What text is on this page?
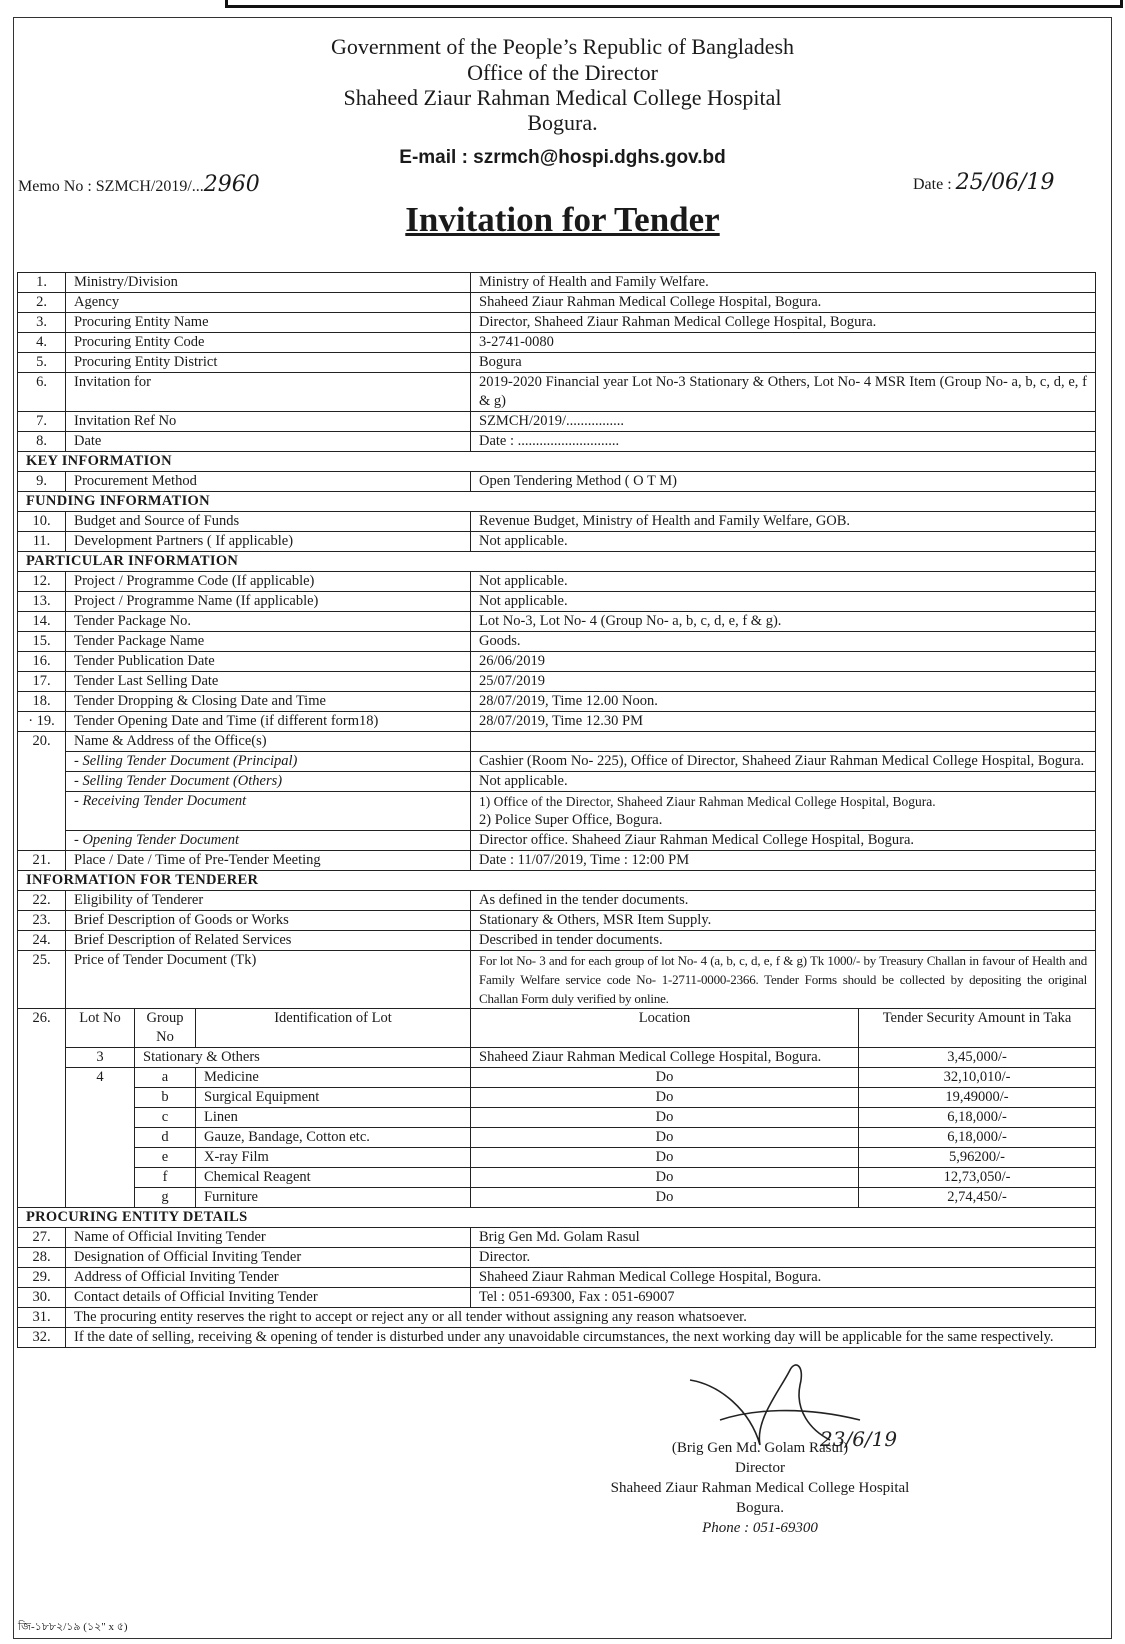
Government of the People’s Republic of Bangladesh
Office of the Director
Shaheed Ziaur Rahman Medical College Hospital
Bogura.
E-mail : szrmch@hospi.dghs.gov.bd
Memo No : SZMCH/2019/...2960	Date : 25/06/19
Invitation for Tender
1.	Ministry/Division			Ministry of Health and Family Welfare.	
2.	Agency			Shaheed Ziaur Rahman Medical College Hospital, Bogura.	
3.	Procuring Entity Name			Director, Shaheed Ziaur Rahman Medical College Hospital, Bogura.	
4.	Procuring Entity Code			3-2741-0080	
5.	Procuring Entity District			Bogura	
6.	Invitation for			2019-2020 Financial year Lot No-3 Stationary & Others, Lot No- 4 MSR Item (Group No- a, b, c, d, e, f & g)	
7.	Invitation Ref No			SZMCH/2019/................	
8.	Date			Date : ............................	
KEY INFORMATION					
9.	Procurement Method			Open Tendering Method ( O T M)	
FUNDING INFORMATION					
10.	Budget and Source of Funds			Revenue Budget, Ministry of Health and Family Welfare, GOB.	
11.	Development Partners ( If applicable)			Not applicable.	
PARTICULAR INFORMATION					
12.	Project / Programme Code (If applicable)			Not applicable.	
13.	Project / Programme Name (If applicable)			Not applicable.	
14.	Tender Package No.			Lot No-3, Lot No- 4 (Group No- a, b, c, d, e, f & g).	
15.	Tender Package Name			Goods.	
16.	Tender Publication Date			26/06/2019	
17.	Tender Last Selling Date			25/07/2019	
18.	Tender Dropping & Closing Date and Time			28/07/2019, Time 12.00 Noon.	
· 19.	Tender Opening Date and Time (if different form18)			28/07/2019, Time 12.30 PM	
20.	Name & Address of the Office(s)				
	- Selling Tender Document (Principal)			Cashier (Room No- 225), Office of Director, Shaheed Ziaur Rahman Medical College Hospital, Bogura.	
	- Selling Tender Document (Others)			Not applicable.	
	- Receiving Tender Document			1) Office of the Director, Shaheed Ziaur Rahman Medical College Hospital, Bogura.	
				2) Police Super Office, Bogura.	
	- Opening Tender Document			Director office. Shaheed Ziaur Rahman Medical College Hospital, Bogura.	
21.	Place / Date / Time of Pre-Tender Meeting			Date : 11/07/2019, Time : 12:00 PM	
INFORMATION FOR TENDERER					
22.	Eligibility of Tenderer			As defined in the tender documents.	
23.	Brief Description of Goods or Works			Stationary & Others, MSR Item Supply.	
24.	Brief Description of Related Services			Described in tender documents.	
25.	Price of Tender Document (Tk)			For lot No- 3 and for each group of lot No- 4 (a, b, c, d, e, f & g) Tk 1000/- by Treasury Challan in favour of Health and Family Welfare service code No- 1-2711-0000-2366. Tender Forms should be collected by depositing the original Challan Form duly verified by online.	
26.	Lot No	Group No	Identification of Lot	Location	Tender Security Amount in Taka
	3	Stationary & Others		Shaheed Ziaur Rahman Medical College Hospital, Bogura.	3,45,000/-
	4	a	Medicine	Do	32,10,010/-
		b	Surgical Equipment	Do	19,49000/-
		c	Linen	Do	6,18,000/-
		d	Gauze, Bandage, Cotton etc.	Do	6,18,000/-
		e	X-ray Film	Do	5,96200/-
		f	Chemical Reagent	Do	12,73,050/-
		g	Furniture	Do	2,74,450/-
PROCURING ENTITY DETAILS					
27.	Name of Official Inviting Tender			Brig Gen Md. Golam Rasul	
28.	Designation of Official Inviting Tender			Director.	
29.	Address of Official Inviting Tender			Shaheed Ziaur Rahman Medical College Hospital, Bogura.	
30.	Contact details of Official Inviting Tender			Tel : 051-69300, Fax : 051-69007	
31.	The procuring entity reserves the right to accept or reject any or all tender without assigning any reason whatsoever.				
32.	If the date of selling, receiving & opening of tender is disturbed under any unavoidable circumstances, the next working day will be applicable for the same respectively.				
23/6/19
(Brig Gen Md. Golam Rasul)
Director
Shaheed Ziaur Rahman Medical College Hospital
Bogura.
Phone : 051-69300
জি-১৮৮২/১৯ (১২" x ৫)
